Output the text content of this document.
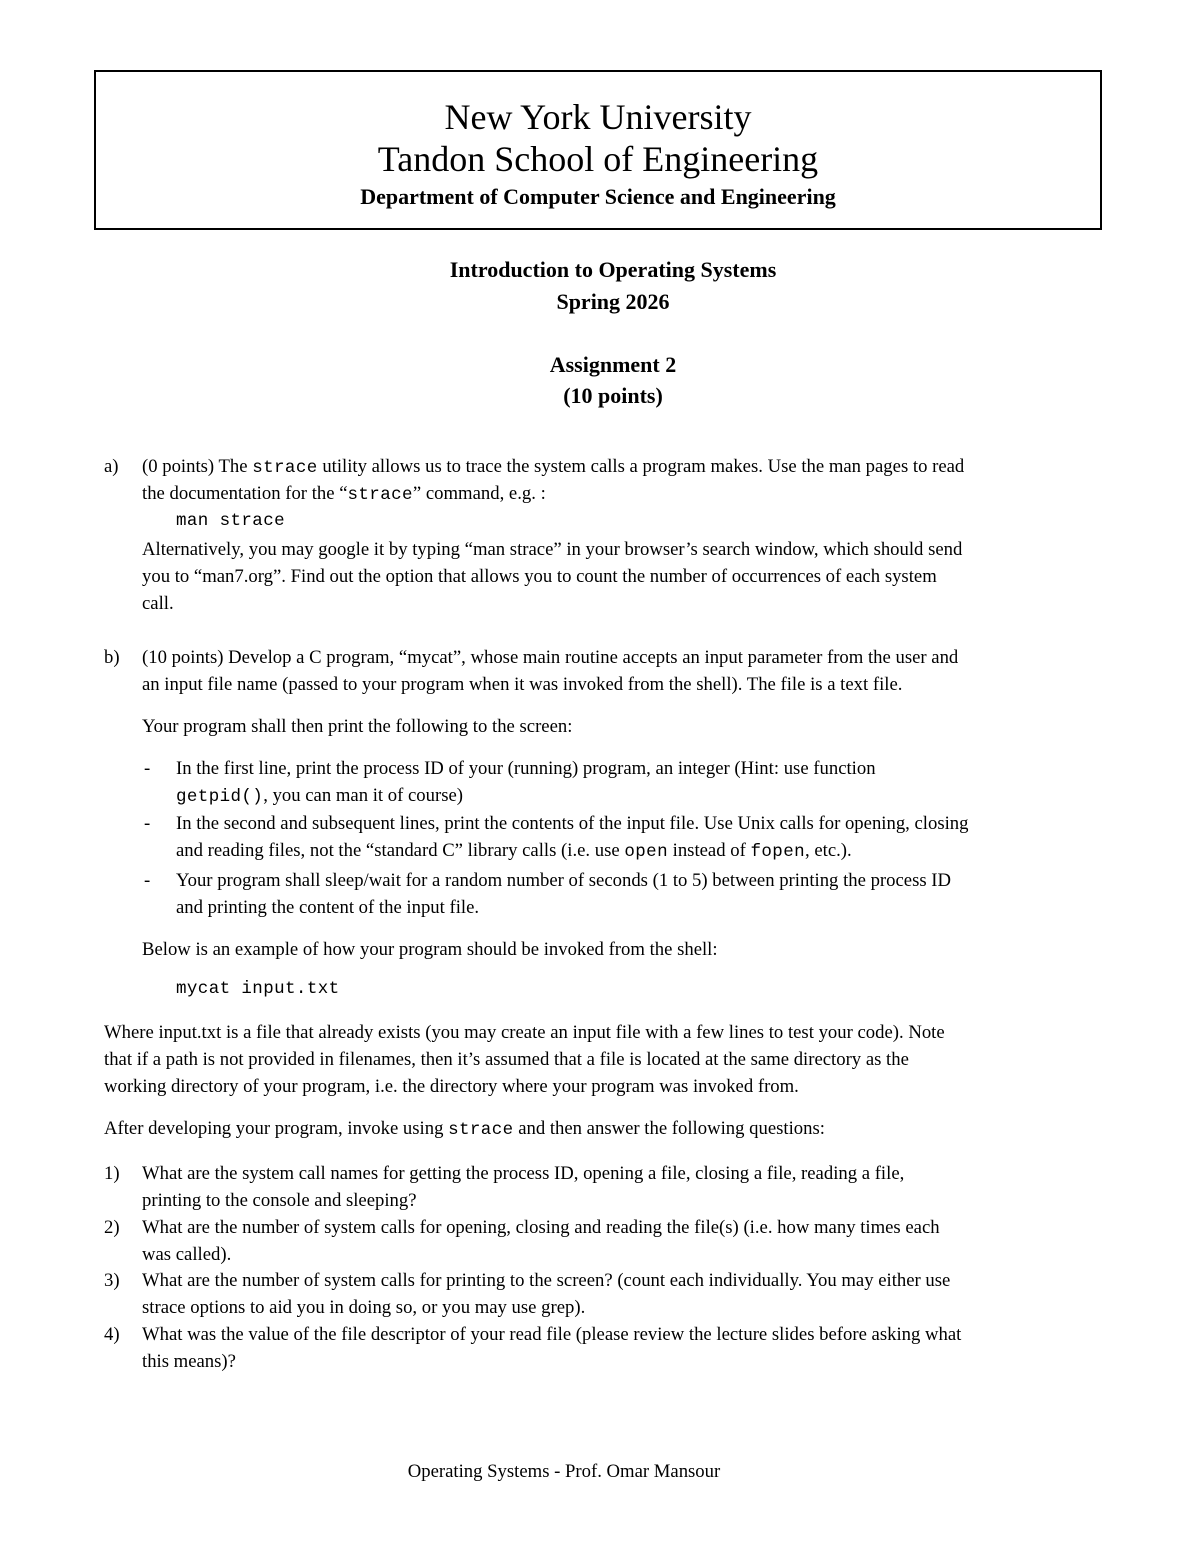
New York University
Tandon School of Engineering
Department of Computer Science and Engineering
Introduction to Operating Systems
Spring 2026
Assignment 2
(10 points)
a) (0 points) The strace utility allows us to trace the system calls a program makes. Use the man pages to read
the documentation for the “strace” command, e.g. :
man strace
Alternatively, you may google it by typing “man strace” in your browser’s search window, which should send
you to “man7.org”. Find out the option that allows you to count the number of occurrences of each system
call.
b) (10 points) Develop a C program, “mycat”, whose main routine accepts an input parameter from the user and
an input file name (passed to your program when it was invoked from the shell). The file is a text file.
Your program shall then print the following to the screen:
- In the first line, print the process ID of your (running) program, an integer (Hint: use function
getpid(), you can man it of course)
- In the second and subsequent lines, print the contents of the input file. Use Unix calls for opening, closing
and reading files, not the “standard C” library calls (i.e. use open instead of fopen, etc.).
- Your program shall sleep/wait for a random number of seconds (1 to 5) between printing the process ID
and printing the content of the input file.
Below is an example of how your program should be invoked from the shell:
mycat input.txt
Where input.txt is a file that already exists (you may create an input file with a few lines to test your code). Note
that if a path is not provided in filenames, then it’s assumed that a file is located at the same directory as the
working directory of your program, i.e. the directory where your program was invoked from.
After developing your program, invoke using strace and then answer the following questions:
1) What are the system call names for getting the process ID, opening a file, closing a file, reading a file,
printing to the console and sleeping?
2) What are the number of system calls for opening, closing and reading the file(s) (i.e. how many times each
was called).
3) What are the number of system calls for printing to the screen? (count each individually. You may either use
strace options to aid you in doing so, or you may use grep).
4) What was the value of the file descriptor of your read file (please review the lecture slides before asking what
this means)?
Operating Systems - Prof. Omar Mansour
